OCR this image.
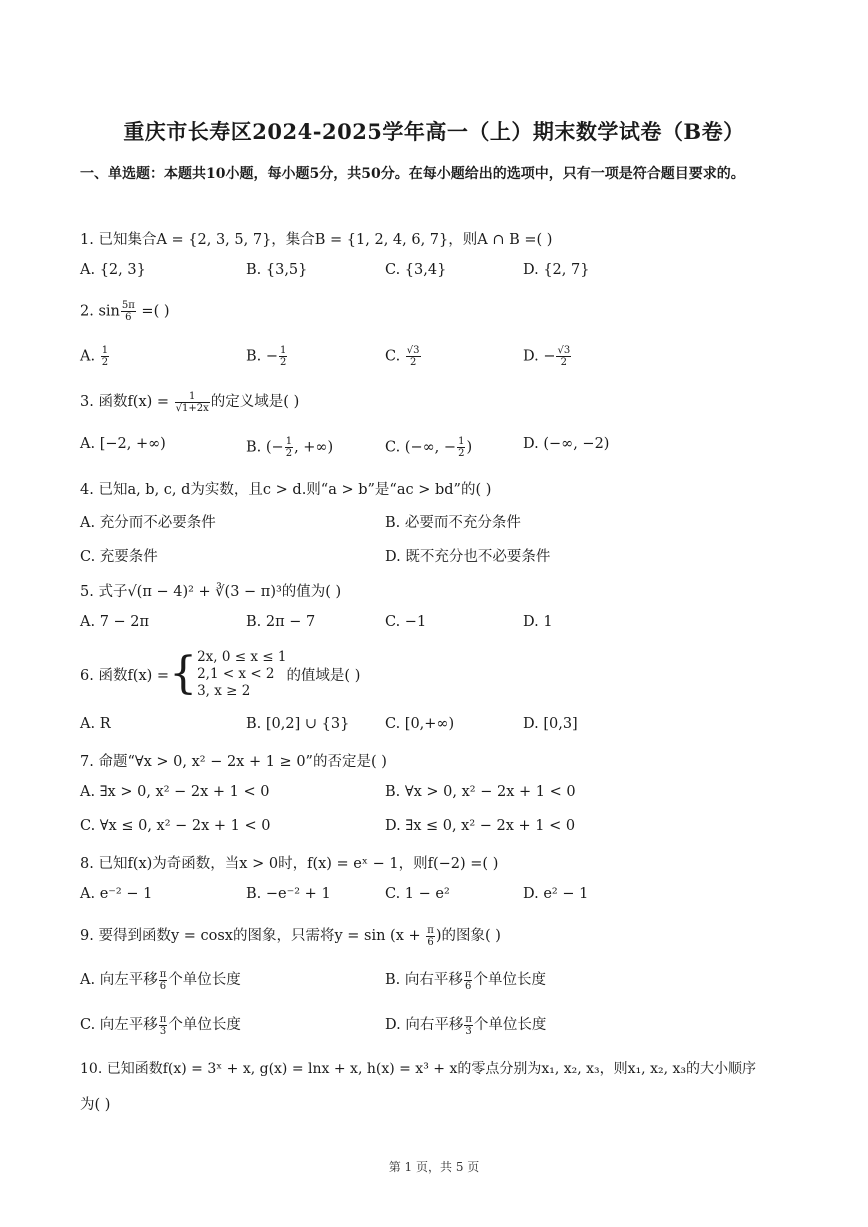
重庆市长寿区2024-2025学年高一（上）期末数学试卷（B卷）
一、单选题：本题共10小题，每小题5分，共50分。在每小题给出的选项中，只有一项是符合题目要求的。
1. 已知集合A = {2, 3, 5, 7}，集合B = {1, 2, 4, 6, 7}，则A ∩ B =( )
A. {2, 3}	B. {3,5}	C. {3,4}	D. {2, 7}
2. $\sin \frac{5\pi}{6}$ =( )
A. $\frac{1}{2}$	B. − $\frac{1}{2}$	C. $\frac{√3}{2}$	D. − $\frac{√3}{2}$
3. 函数$f(x) = \frac{1}{√1+2x}$ 的定义域是( )
A. [−2, +∞)	B. (− $\frac{1}{2}$ , +∞)	C. (−∞, − $\frac{1}{2}$ )	D. (−∞, −2)
4. 已知a, b, c, d为实数，且c > d.则“a > b”是“ac > bd”的( )
A. 充分而不必要条件	B. 必要而不充分条件
C. 充要条件	D. 既不充分也不必要条件
5. 式子√(π − 4)² + ∛(3 − π)³的值为( )
A. 7 − 2π	B. 2π − 7	C. −1	D. 1
6. 函数f(x) = { 2x, 0 ≤ x ≤ 1
2,1 < x < 2
3, x ≥ 2
的值域是( )
A. R	B. [0,2] ∪ {3} C. [0,+∞)	D. [0,3]
7. 命题“∀x > 0, x² − 2x + 1 ≥ 0”的否定是( )
A. ∃x > 0, x² − 2x + 1 < 0	B. ∀x > 0, x² − 2x + 1 < 0
C. ∀x ≤ 0, x² − 2x + 1 < 0	D. ∃x ≤ 0, x² − 2x + 1 < 0
8. 已知f(x)为奇函数，当x > 0时，f(x) = eˣ − 1，则f(−2) =( )
A. e⁻² − 1	B. −e⁻² + 1	C. 1 − e²	D. e² − 1
9. 要得到函数y = cosx的图象，只需将$y = \sin (x + \frac{\pi}{6}$ )的图象( )
A. 向左平移 $\frac{\pi}{6}$ 个单位长度	B. 向右平移 $\frac{\pi}{6}$ 个单位长度
C. 向左平移 $\frac{\pi}{3}$ 个单位长度	D. 向右平移 $\frac{\pi}{3}$ 个单位长度
10. 已知函数f(x) = 3ˣ + x, g(x) = lnx + x, h(x) = x³ + x的零点分别为x₁, x₂, x₃，则x₁, x₂, x₃的大小顺序
为( )
第 1 页，共 5 页
